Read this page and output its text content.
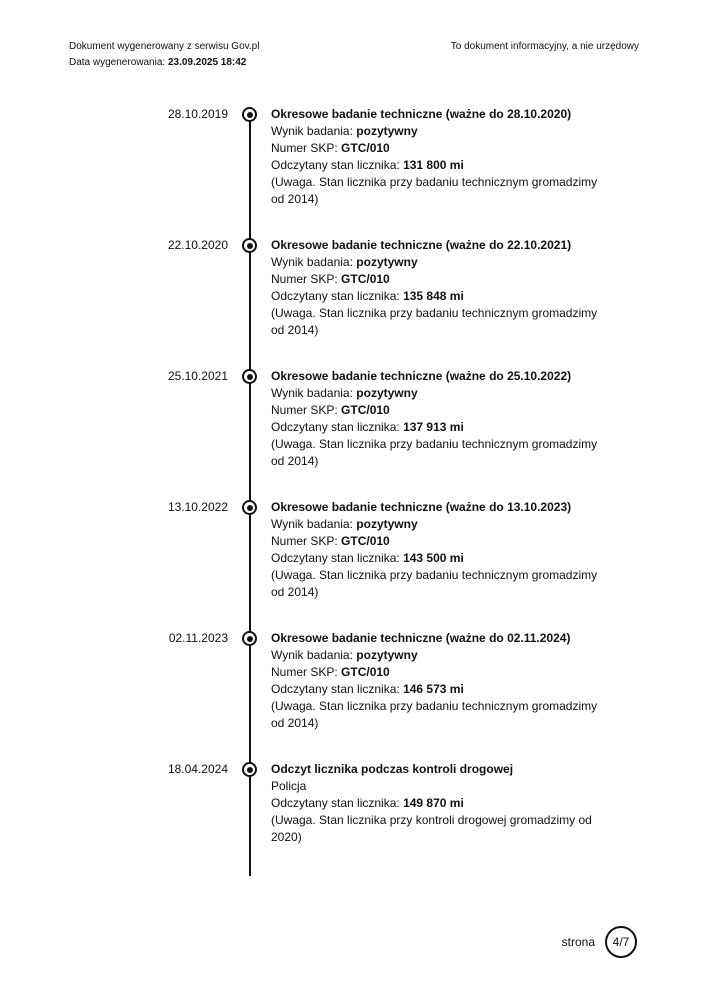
Dokument wygenerowany z serwisu Gov.pl
Data wygenerowania: 23.09.2025 18:42
To dokument informacyjny, a nie urzędowy
28.10.2019	Okresowe badanie techniczne (ważne do 28.10.2020)
Wynik badania: pozytywny
Numer SKP: GTC/010
Odczytany stan licznika: 131 800 mi
(Uwaga. Stan licznika przy badaniu technicznym gromadzimy od 2014)
22.10.2020	Okresowe badanie techniczne (ważne do 22.10.2021)
Wynik badania: pozytywny
Numer SKP: GTC/010
Odczytany stan licznika: 135 848 mi
(Uwaga. Stan licznika przy badaniu technicznym gromadzimy od 2014)
25.10.2021	Okresowe badanie techniczne (ważne do 25.10.2022)
Wynik badania: pozytywny
Numer SKP: GTC/010
Odczytany stan licznika: 137 913 mi
(Uwaga. Stan licznika przy badaniu technicznym gromadzimy od 2014)
13.10.2022	Okresowe badanie techniczne (ważne do 13.10.2023)
Wynik badania: pozytywny
Numer SKP: GTC/010
Odczytany stan licznika: 143 500 mi
(Uwaga. Stan licznika przy badaniu technicznym gromadzimy od 2014)
02.11.2023	Okresowe badanie techniczne (ważne do 02.11.2024)
Wynik badania: pozytywny
Numer SKP: GTC/010
Odczytany stan licznika: 146 573 mi
(Uwaga. Stan licznika przy badaniu technicznym gromadzimy od 2014)
18.04.2024	Odczyt licznika podczas kontroli drogowej
Policja
Odczytany stan licznika: 149 870 mi
(Uwaga. Stan licznika przy kontroli drogowej gromadzimy od 2020)
strona 4/7
